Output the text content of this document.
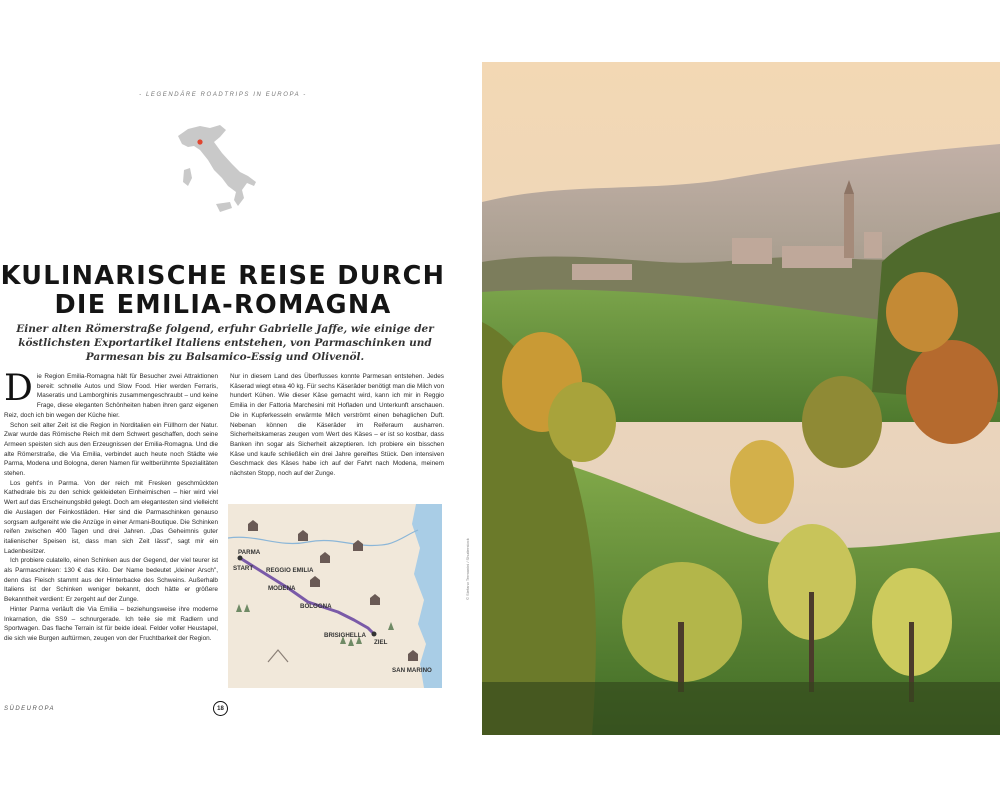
- LEGENDÄRE ROADTRIPS IN EUROPA -
KULINARISCHE REISE DURCH
DIE EMILIA-ROMAGNA

Einer alten Römerstraße folgend, erfuhr Gabrielle Jaffe, wie einige der köstlichsten Exportartikel Italiens entstehen, von Parmaschinken und Parmesan bis zu Balsamico-Essig und Olivenöl.

Die Region Emilia-Romagna hält für Besucher zwei Attraktionen bereit: schnelle Autos und Slow Food. Hier werden Ferraris, Maseratis und Lamborghinis zusammengeschraubt – und keine Frage, diese eleganten Schönheiten haben ihren ganz eigenen Reiz, doch ich bin wegen der Küche hier.

Schon seit alter Zeit ist die Region in Norditalien ein Füllhorn der Natur. Zwar wurde das Römische Reich mit dem Schwert geschaffen, doch seine Armeen speisten sich aus den Erzeugnissen der Emilia-Romagna. Und die alte Römerstraße, die Via Emilia, verbindet auch heute noch Städte wie Parma, Modena und Bologna, deren Namen für weltberühmte Spezialitäten stehen.

Los geht's in Parma. Von der reich mit Fresken geschmückten Kathedrale bis zu den schick gekleideten Einheimischen – hier wird viel Wert auf das Erscheinungsbild gelegt. Doch am elegantesten sind vielleicht die Auslagen der Feinkostläden. Hier sind die Parmaschinken genauso sorgsam aufgereiht wie die Anzüge in einer Armani-Boutique. Die Schinken reifen zwischen 400 Tagen und drei Jahren. „Das Geheimnis guter italienischer Speisen ist, dass man sich Zeit lässt", sagt mir ein Ladenbesitzer.

Ich probiere culatello, einen Schinken aus der Gegend, der viel teurer ist als Parmaschinken: 130 € das Kilo. Der Name bedeutet „kleiner Arsch", denn das Fleisch stammt aus der Hinterbacke des Schweins. Außerhalb Italiens ist der Schinken weniger bekannt, doch hätte er größere Bekanntheit verdient: Er zergeht auf der Zunge.

Hinter Parma verläuft die Via Emilia – beziehungsweise ihre moderne Inkarnation, die SS9 – schnurgerade. Ich teile sie mit Radlern und Sportwagen. Das flache Terrain ist für beide ideal. Felder voller Heustapel, die sich wie Burgen auftürmen, zeugen von der Fruchtbarkeit der Region.

Nur in diesem Land des Überflusses konnte Parmesan entstehen. Jedes Käserad wiegt etwa 40 kg. Für sechs Käseräder benötigt man die Milch von hundert Kühen. Wie dieser Käse gemacht wird, kann ich mir in Reggio Emilia in der Fattoria Marchesini mit Hofladen und Unterkunft anschauen. Die in Kupferkesseln erwärmte Milch verströmt einen behaglichen Duft. Nebenan können die Käseräder im Reiferaum ausharren. Sicherheitskameras zeugen vom Wert des Käses – er ist so kostbar, dass Banken ihn sogar als Sicherheit akzeptieren. Ich probiere ein bisschen Käse und kaufe schließlich ein drei Jahre gereiftes Stück. Den intensiven Geschmack des Käses habe ich auf der Fahrt nach Modena, meinem nächsten Stopp, noch auf der Zunge.

PARMA
START REGGIO EMILIA
MODENA
BOLOGNA
BRISIGHELLA
ZIEL
SAN MARINO
SÜDEUROPA	18
© Stefano Termanini / Shutterstock
